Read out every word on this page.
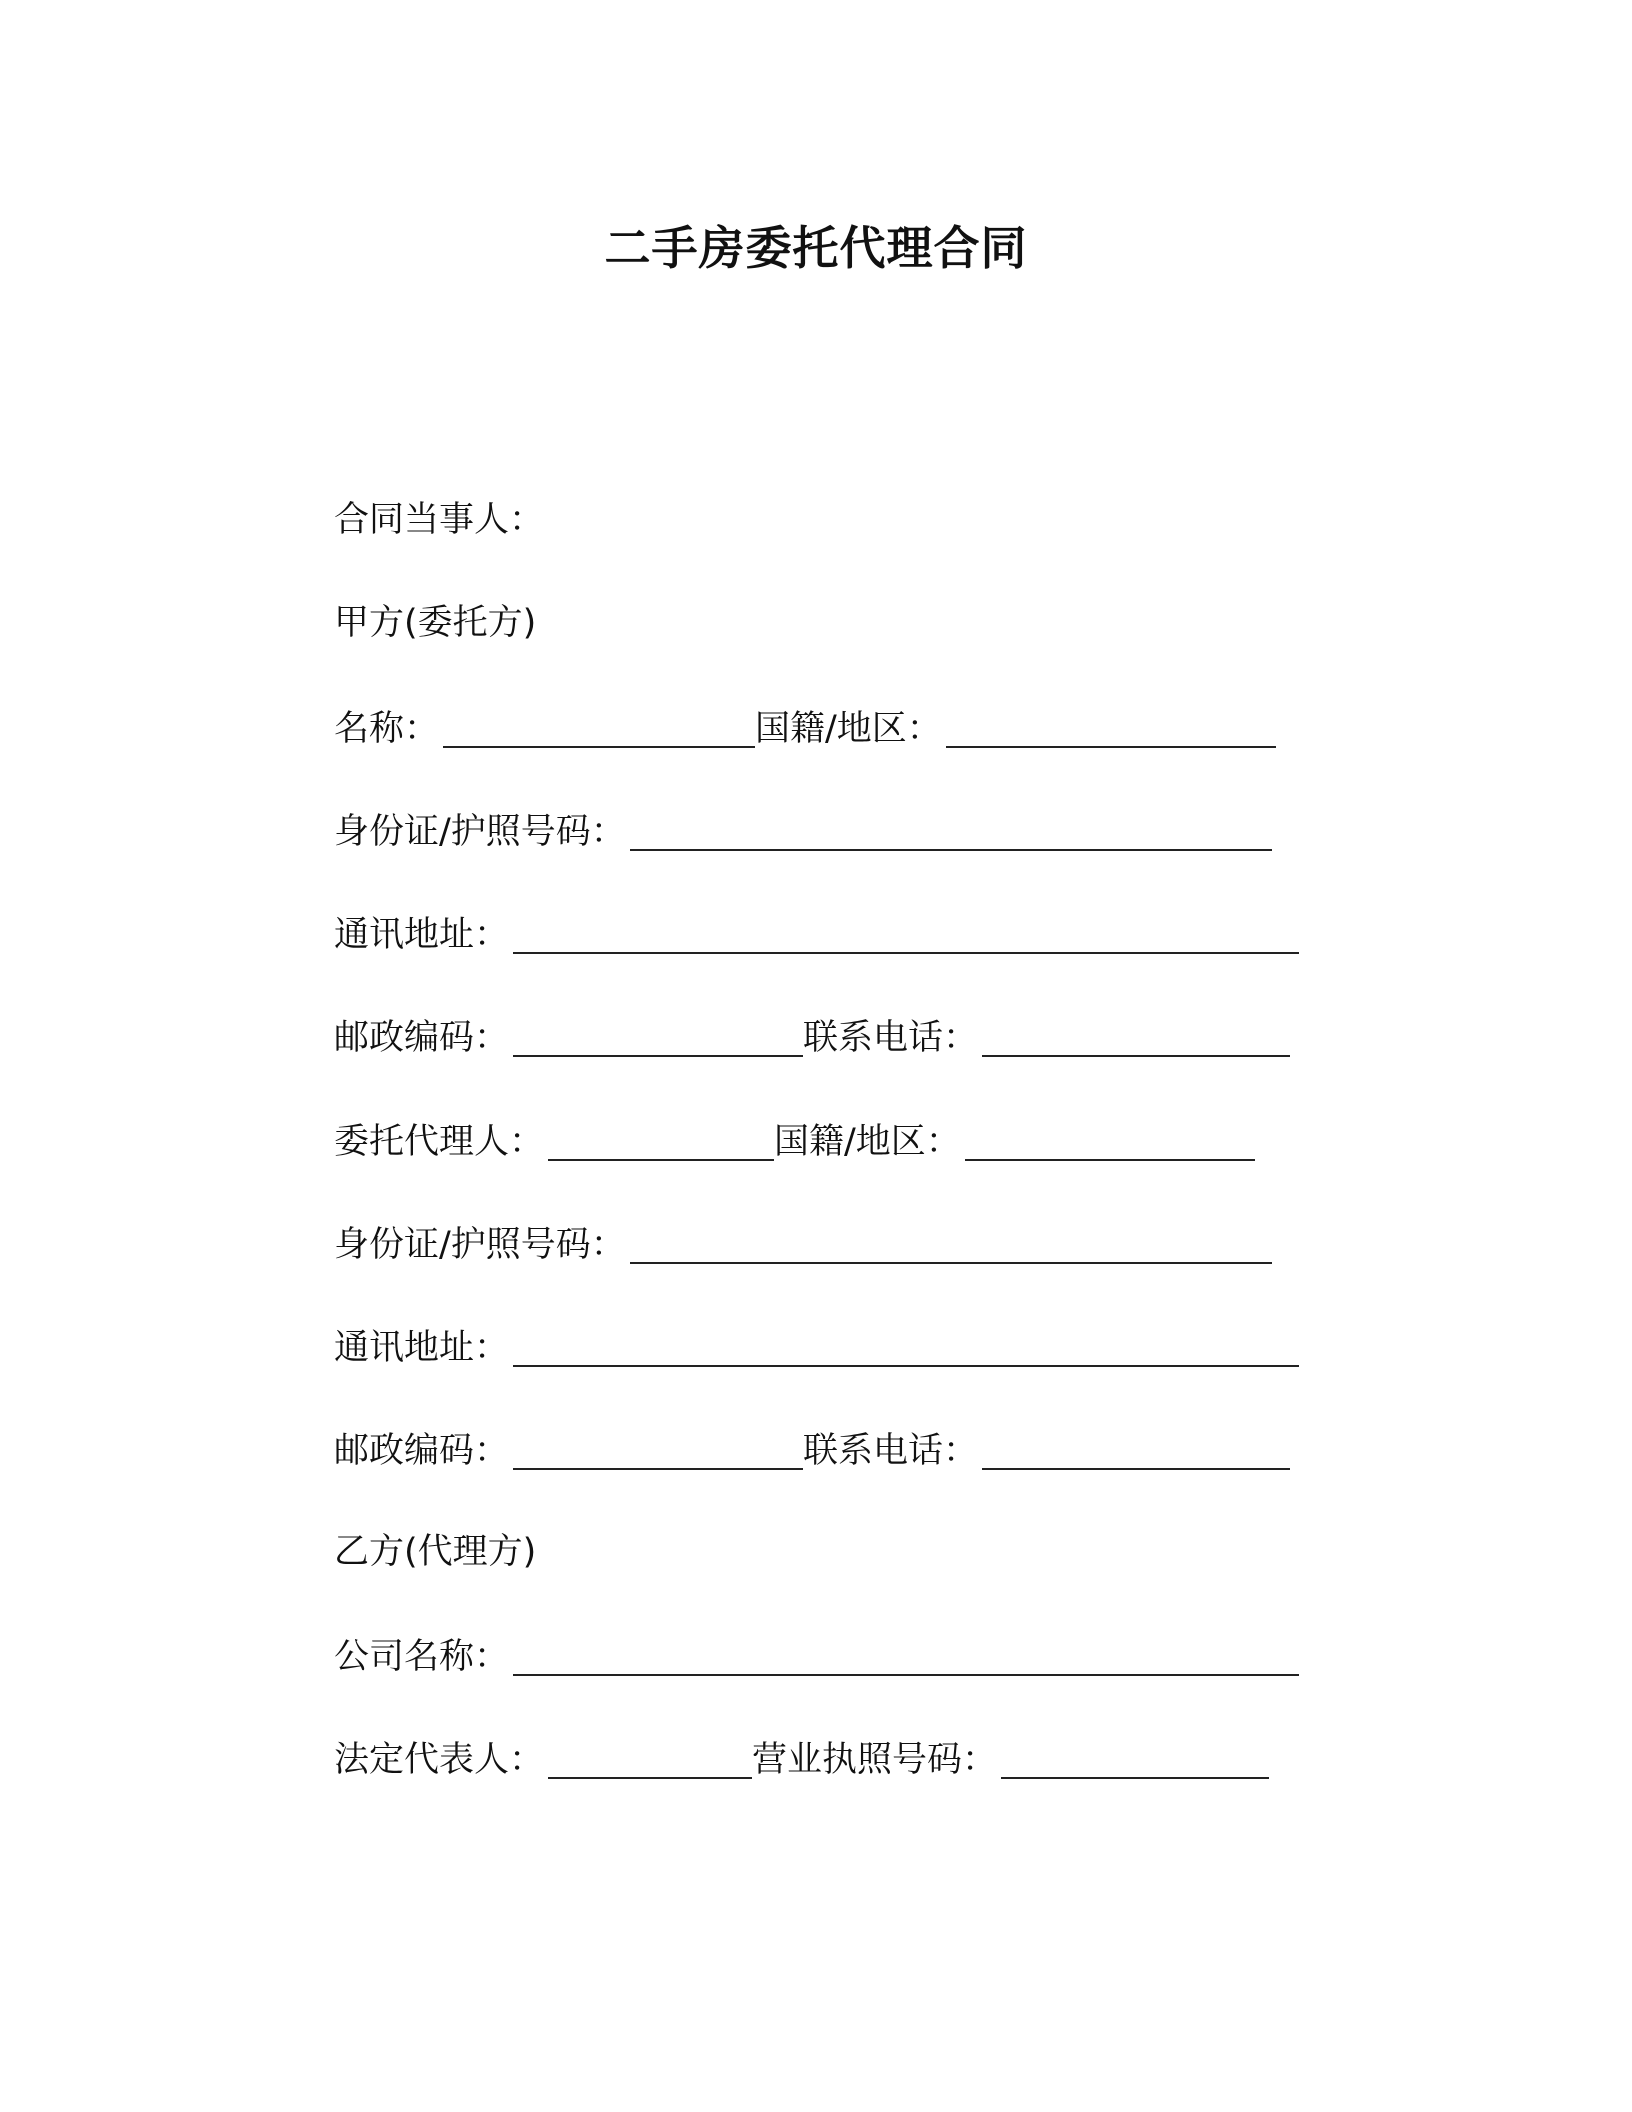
二手房委托代理合同
合同当事人：
甲方(委托方)
名称：	国籍/地区：
身份证/护照号码：
通讯地址：
邮政编码：	联系电话：
委托代理人：	国籍/地区：
身份证/护照号码：
通讯地址：
邮政编码：	联系电话：
乙方(代理方)
公司名称：
法定代表人：	营业执照号码：
